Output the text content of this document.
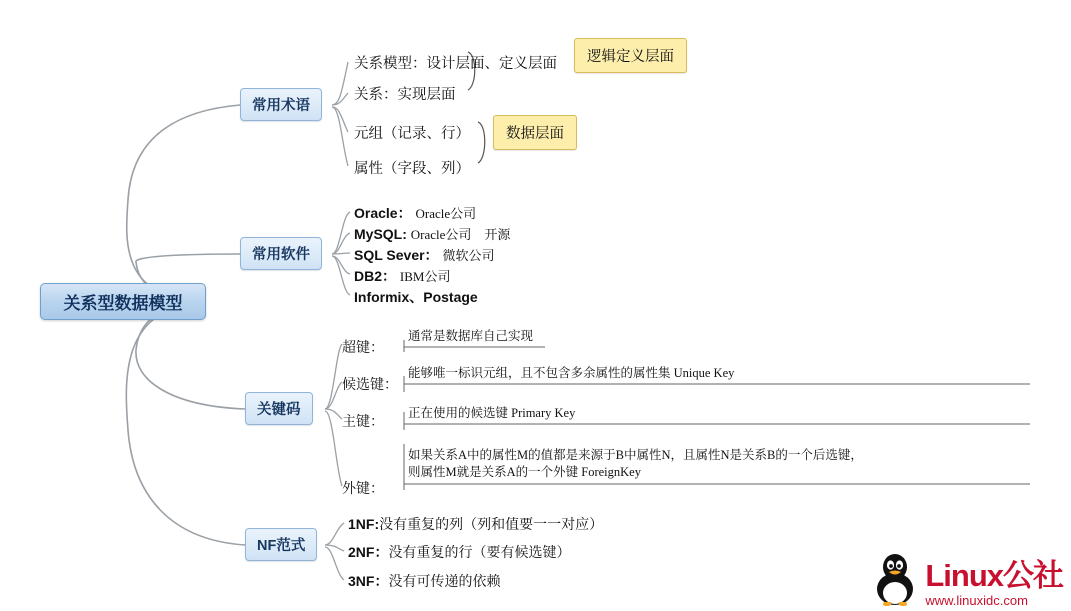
关系型数据模型
常用术语
常用软件
关键码
NF范式
关系模型：设计层面、定义层面
关系：实现层面
元组（记录、行）
属性（字段、列）
逻辑定义层面
数据层面
Oracle： Oracle公司
MySQL: Oracle公司　开源
SQL Sever： 微软公司
DB2： IBM公司
Informix、Postage
超键：
候选键：
主键：
外键：
通常是数据库自己实现
能够唯一标识元组，且不包含多余属性的属性集 Unique Key
正在使用的候选键 Primary Key
如果关系A中的属性M的值都是来源于B中属性N，且属性N是关系B的一个后选键，
则属性M就是关系A的一个外键 ForeignKey
1NF:没有重复的列（列和值要一一对应）
2NF：没有重复的行（要有候选键）
3NF：没有可传递的依赖	Linux公社
www.linuxidc.com
